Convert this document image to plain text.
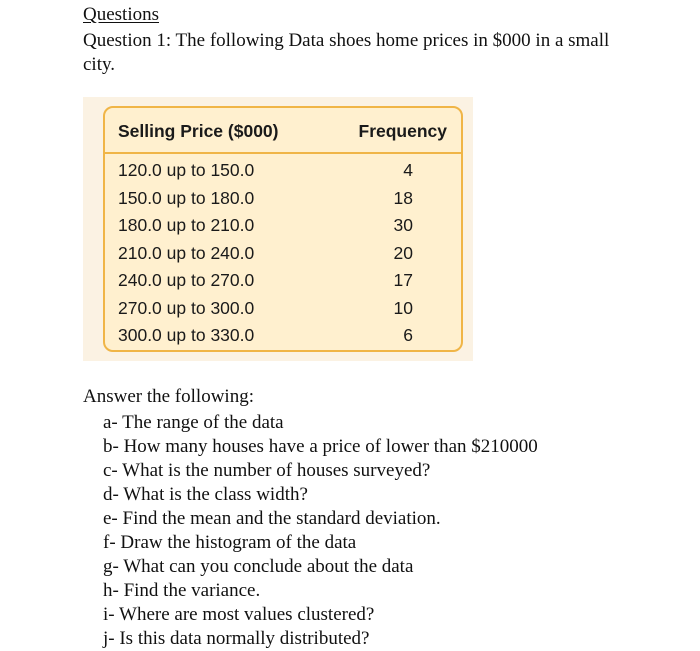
Questions

Question 1: The following Data shoes home prices in $000 in a small city.

Selling Price ($000)	Frequency
120.0 up to 150.0	4
150.0 up to 180.0	18
180.0 up to 210.0	30
210.0 up to 240.0	20
240.0 up to 270.0	17
270.0 up to 300.0	10
300.0 up to 330.0	6

Answer the following:

a- The range of the data
b- How many houses have a price of lower than $210000
c- What is the number of houses surveyed?
d- What is the class width?
e- Find the mean and the standard deviation.
f- Draw the histogram of the data
g- What can you conclude about the data
h- Find the variance.
i- Where are most values clustered?
j- Is this data normally distributed?
